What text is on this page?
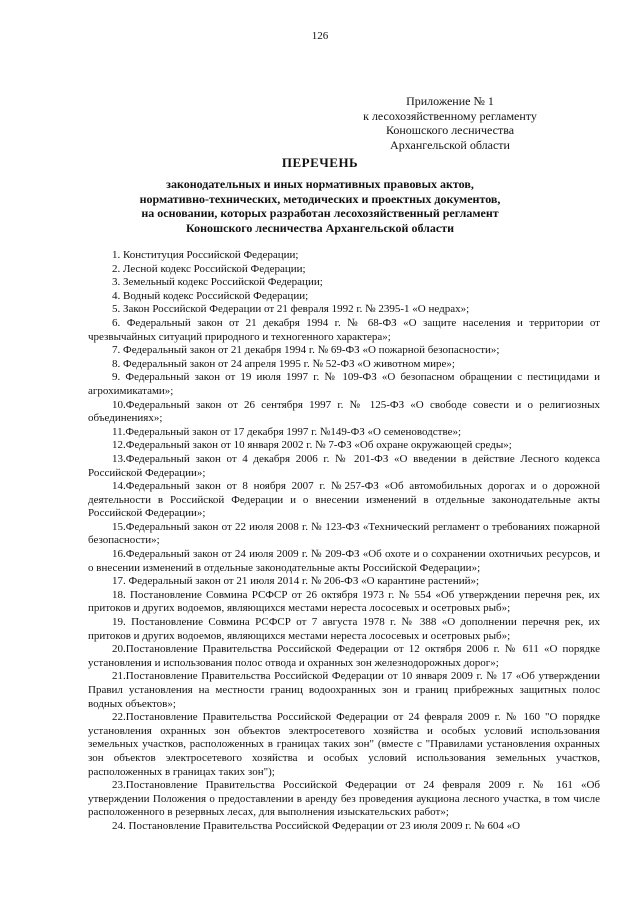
126
Приложение № 1
к лесохозяйственному регламенту
Коношского лесничества
Архангельской области
ПЕРЕЧЕНЬ
законодательных и иных нормативных правовых актов,
нормативно-технических, методических и проектных документов,
на основании, которых разработан лесохозяйственный регламент
Коношского лесничества Архангельской области
1. Конституция Российской Федерации;
2. Лесной кодекс Российской Федерации;
3. Земельный кодекс Российской Федерации;
4. Водный кодекс Российской Федерации;
5. Закон Российской Федерации от 21 февраля 1992 г. № 2395-1 «О недрах»;
6. Федеральный закон от 21 декабря 1994 г. № 68-ФЗ «О защите населения и территории от чрезвычайных ситуаций природного и техногенного характера»;
7. Федеральный закон от 21 декабря 1994 г. № 69-ФЗ «О пожарной безопасности»;
8. Федеральный закон от 24 апреля 1995 г. № 52-ФЗ «О животном мире»;
9. Федеральный закон от 19 июля 1997 г. № 109-ФЗ «О безопасном обращении с пестицидами и агрохимикатами»;
10.Федеральный закон от 26 сентября 1997 г. № 125-ФЗ «О свободе совести и о религиозных объединениях»;
11.Федеральный закон от 17 декабря 1997 г. №149-ФЗ «О семеноводстве»;
12.Федеральный закон от 10 января 2002 г. № 7-ФЗ «Об охране окружающей среды»;
13.Федеральный закон от 4 декабря 2006 г. № 201-ФЗ «О введении в действие Лесного кодекса Российской Федерации»;
14.Федеральный закон от 8 ноября 2007 г. №257-ФЗ «Об автомобильных дорогах и о дорожной деятельности в Российской Федерации и о внесении изменений в отдельные законодательные акты Российской Федерации»;
15.Федеральный закон от 22 июля 2008 г. № 123-ФЗ «Технический регламент о требованиях пожарной безопасности»;
16.Федеральный закон от 24 июля 2009 г. № 209-ФЗ «Об охоте и о сохранении охотничьих ресурсов, и о внесении изменений в отдельные законодательные акты Российской Федерации»;
17. Федеральный закон от 21 июля 2014 г. № 206-ФЗ «О карантине растений»;
18. Постановление Совмина РСФСР от 26 октября 1973 г. № 554 «Об утверждении перечня рек, их притоков и других водоемов, являющихся местами нереста лососевых и осетровых рыб»;
19. Постановление Совмина РСФСР от 7 августа 1978 г. № 388 «О дополнении перечня рек, их притоков и других водоемов, являющихся местами нереста лососевых и осетровых рыб»;
20.Постановление Правительства Российской Федерации от 12 октября 2006 г. № 611 «О порядке установления и использования полос отвода и охранных зон железнодорожных дорог»;
21.Постановление Правительства Российской Федерации от 10 января 2009 г. № 17 «Об утверждении Правил установления на местности границ водоохранных зон и границ прибрежных защитных полос водных объектов»;
22.Постановление Правительства Российской Федерации от 24 февраля 2009 г. № 160 "О порядке установления охранных зон объектов электросетевого хозяйства и особых условий использования земельных участков, расположенных в границах таких зон" (вместе с "Правилами установления охранных зон объектов электросетевого хозяйства и особых условий использования земельных участков, расположенных в границах таких зон");
23.Постановление Правительства Российской Федерации от 24 февраля 2009 г. № 161 «Об утверждении Положения о предоставлении в аренду без проведения аукциона лесного участка, в том числе расположенного в резервных лесах, для выполнения изыскательских работ»;
24. Постановление Правительства Российской Федерации от 23 июля 2009 г. № 604 «О
